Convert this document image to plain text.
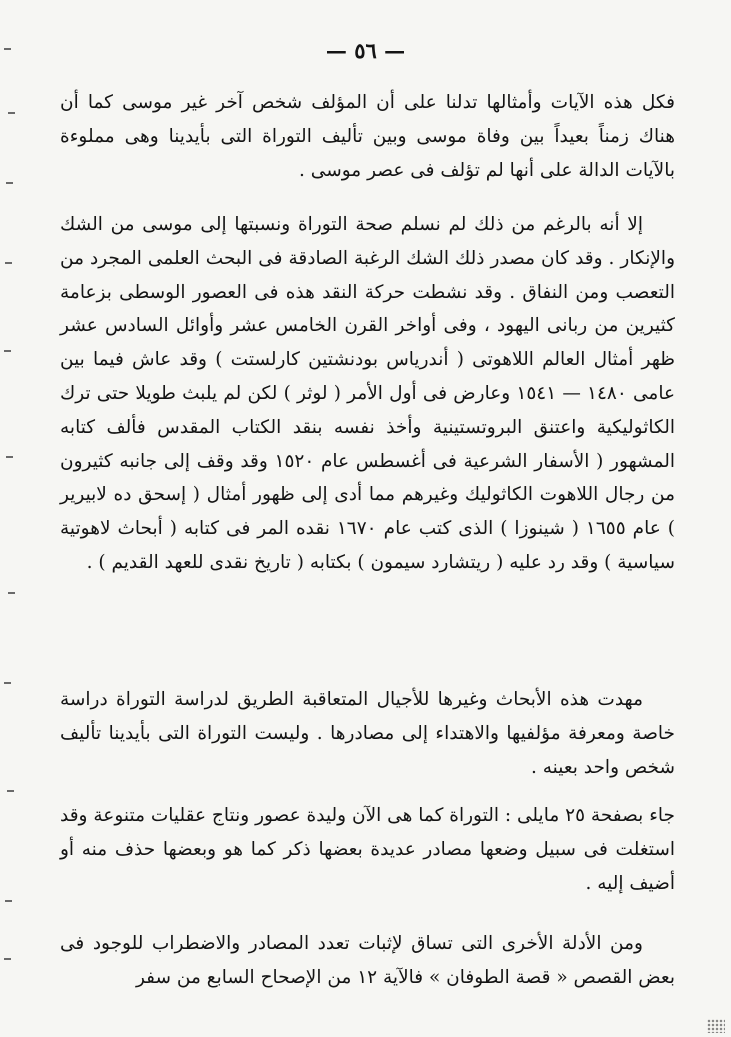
— ٥٦ —

فكل هذه الآيات وأمثالها تدلنا على أن المؤلف شخص آخر غير موسى كما أن هناك زمناً بعيداً بين وفاة موسى وبين تأليف التوراة التى بأيدينا وهى مملوءة بالآيات الدالة على أنها لم تؤلف فى عصر موسى .

إلا أنه بالرغم من ذلك لم نسلم صحة التوراة ونسبتها إلى موسى من الشك والإنكار . وقد كان مصدر ذلك الشك الرغبة الصادقة فى البحث العلمى المجرد من التعصب ومن النفاق . وقد نشطت حركة النقد هذه فى العصور الوسطى بزعامة كثيرين من ربانى اليهود ، وفى أواخر القرن الخامس عشر وأوائل السادس عشر ظهر أمثال العالم اللاهوتى ( أندرياس بودنشتين كارلستت ) وقد عاش فيما بين عامى ١٤٨٠ — ١٥٤١ وعارض فى أول الأمر ( لوثر ) لكن لم يلبث طويلا حتى ترك الكاثوليكية واعتنق البروتستينية وأخذ نفسه بنقد الكتاب المقدس فألف كتابه المشهور ( الأسفار الشرعية فى أغسطس عام ١٥٢٠ وقد وقف إلى جانبه كثيرون من رجال اللاهوت الكاثوليك وغيرهم مما أدى إلى ظهور أمثال ( إسحق ده لابيرير ) عام ١٦٥٥ ( شينوزا ) الذى كتب عام ١٦٧٠ نقده المر فى كتابه ( أبحاث لاهوتية سياسية ) وقد رد عليه ( ريتشارد سيمون ) بكتابه ( تاريخ نقدى للعهد القديم ) .

مهدت هذه الأبحاث وغيرها للأجيال المتعاقبة الطريق لدراسة التوراة دراسة خاصة ومعرفة مؤلفيها والاهتداء إلى مصادرها . وليست التوراة التى بأيدينا تأليف شخص واحد بعينه .

جاء بصفحة ٢٥ مايلى : التوراة كما هى الآن وليدة عصور ونتاج عقليات متنوعة وقد استغلت فى سبيل وضعها مصادر عديدة بعضها ذكر كما هو وبعضها حذف منه أو أضيف إليه .

ومن الأدلة الأخرى التى تساق لإثبات تعدد المصادر والاضطراب للوجود فى بعض القصص « قصة الطوفان » فالآية ١٢ من الإصحاح السابع من سفر
